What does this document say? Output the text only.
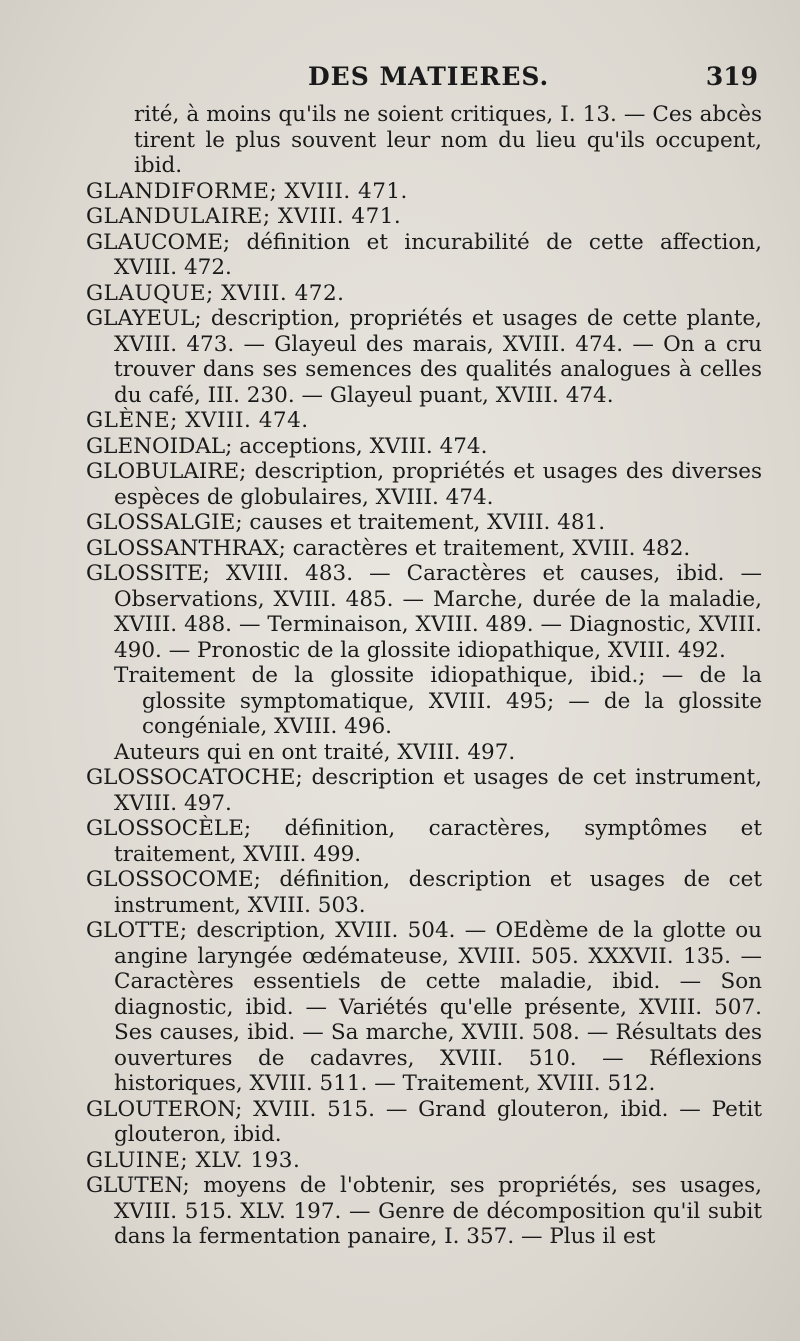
DES MATIERES.	319
rité, à moins qu'ils ne soient critiques, I. 13. — Ces abcès tirent le plus souvent leur nom du lieu qu'ils occupent, ibid.
GLANDIFORME; XVIII. 471.
GLANDULAIRE; XVIII. 471.
GLAUCOME; définition et incurabilité de cette affection, XVIII. 472.
GLAUQUE; XVIII. 472.
GLAYEUL; description, propriétés et usages de cette plante, XVIII. 473. — Glayeul des marais, XVIII. 474. — On a cru trouver dans ses semences des qualités analogues à celles du café, III. 230. — Glayeul puant, XVIII. 474.
GLÈNE; XVIII. 474.
GLENOIDAL; acceptions, XVIII. 474.
GLOBULAIRE; description, propriétés et usages des diverses espèces de globulaires, XVIII. 474.
GLOSSALGIE; causes et traitement, XVIII. 481.
GLOSSANTHRAX; caractères et traitement, XVIII. 482.
GLOSSITE; XVIII. 483. — Caractères et causes, ibid. — Observations, XVIII. 485. — Marche, durée de la maladie, XVIII. 488. — Terminaison, XVIII. 489. — Diagnostic, XVIII. 490. — Pronostic de la glossite idiopathique, XVIII. 492.
Traitement de la glossite idiopathique, ibid.; — de la glossite symptomatique, XVIII. 495; — de la glossite congéniale, XVIII. 496.
Auteurs qui en ont traité, XVIII. 497.
GLOSSOCATOCHE; description et usages de cet instrument, XVIII. 497.
GLOSSOCÈLE; définition, caractères, symptômes et traitement, XVIII. 499.
GLOSSOCOME; définition, description et usages de cet instrument, XVIII. 503.
GLOTTE; description, XVIII. 504. — OEdème de la glotte ou angine laryngée œdémateuse, XVIII. 505. XXXVII. 135. — Caractères essentiels de cette maladie, ibid. — Son diagnostic, ibid. — Variétés qu'elle présente, XVIII. 507. Ses causes, ibid. — Sa marche, XVIII. 508. — Résultats des ouvertures de cadavres, XVIII. 510. — Réflexions historiques, XVIII. 511. — Traitement, XVIII. 512.
GLOUTERON; XVIII. 515. — Grand glouteron, ibid. — Petit glouteron, ibid.
GLUINE; XLV. 193.
GLUTEN; moyens de l'obtenir, ses propriétés, ses usages, XVIII. 515. XLV. 197. — Genre de décomposition qu'il subit dans la fermentation panaire, I. 357. — Plus il est
